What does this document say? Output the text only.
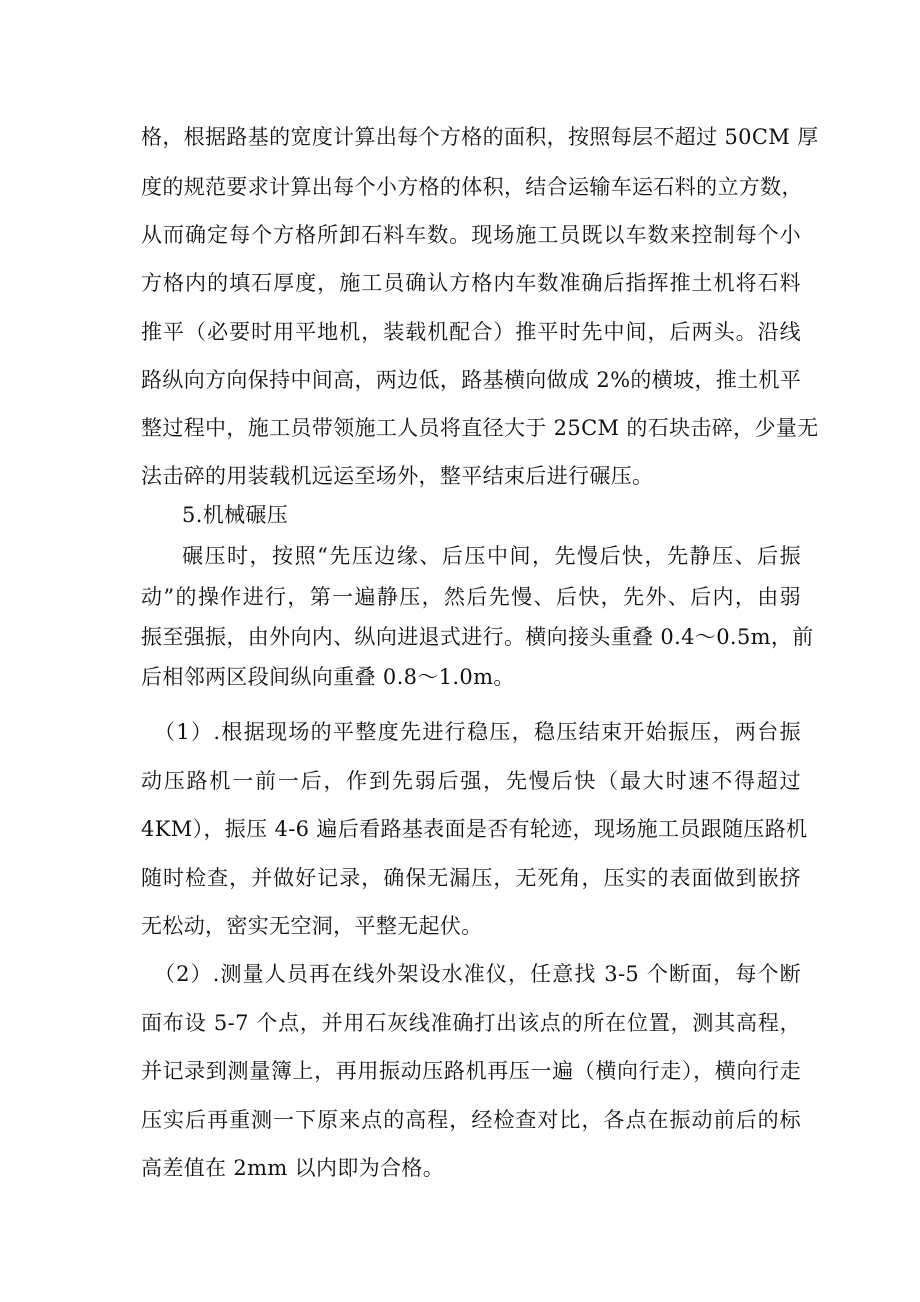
格，根据路基的宽度计算出每个方格的面积，按照每层不超过 50CM 厚
度的规范要求计算出每个小方格的体积，结合运输车运石料的立方数，
从而确定每个方格所卸石料车数。现场施工员既以车数来控制每个小
方格内的填石厚度，施工员确认方格内车数准确后指挥推土机将石料
推平（必要时用平地机，装载机配合）推平时先中间，后两头。沿线
路纵向方向保持中间高，两边低，路基横向做成 2%的横坡，推土机平
整过程中，施工员带领施工人员将直径大于 25CM 的石块击碎，少量无
法击碎的用装载机远运至场外，整平结束后进行碾压。
5.机械碾压
碾压时，按照“先压边缘、后压中间，先慢后快，先静压、后振
动”的操作进行，第一遍静压，然后先慢、后快，先外、后内，由弱
振至强振，由外向内、纵向进退式进行。横向接头重叠 0.4～0.5m，前
后相邻两区段间纵向重叠 0.8～1.0m。
（1）.根据现场的平整度先进行稳压，稳压结束开始振压，两台振
动压路机一前一后，作到先弱后强，先慢后快（最大时速不得超过
4KM），振压 4-6 遍后看路基表面是否有轮迹，现场施工员跟随压路机
随时检查，并做好记录，确保无漏压，无死角，压实的表面做到嵌挤
无松动，密实无空洞，平整无起伏。
（2）.测量人员再在线外架设水准仪，任意找 3-5 个断面，每个断
面布设 5-7 个点，并用石灰线准确打出该点的所在位置，测其高程，
并记录到测量簿上，再用振动压路机再压一遍（横向行走），横向行走
压实后再重测一下原来点的高程，经检查对比，各点在振动前后的标
高差值在 2mm 以内即为合格。
